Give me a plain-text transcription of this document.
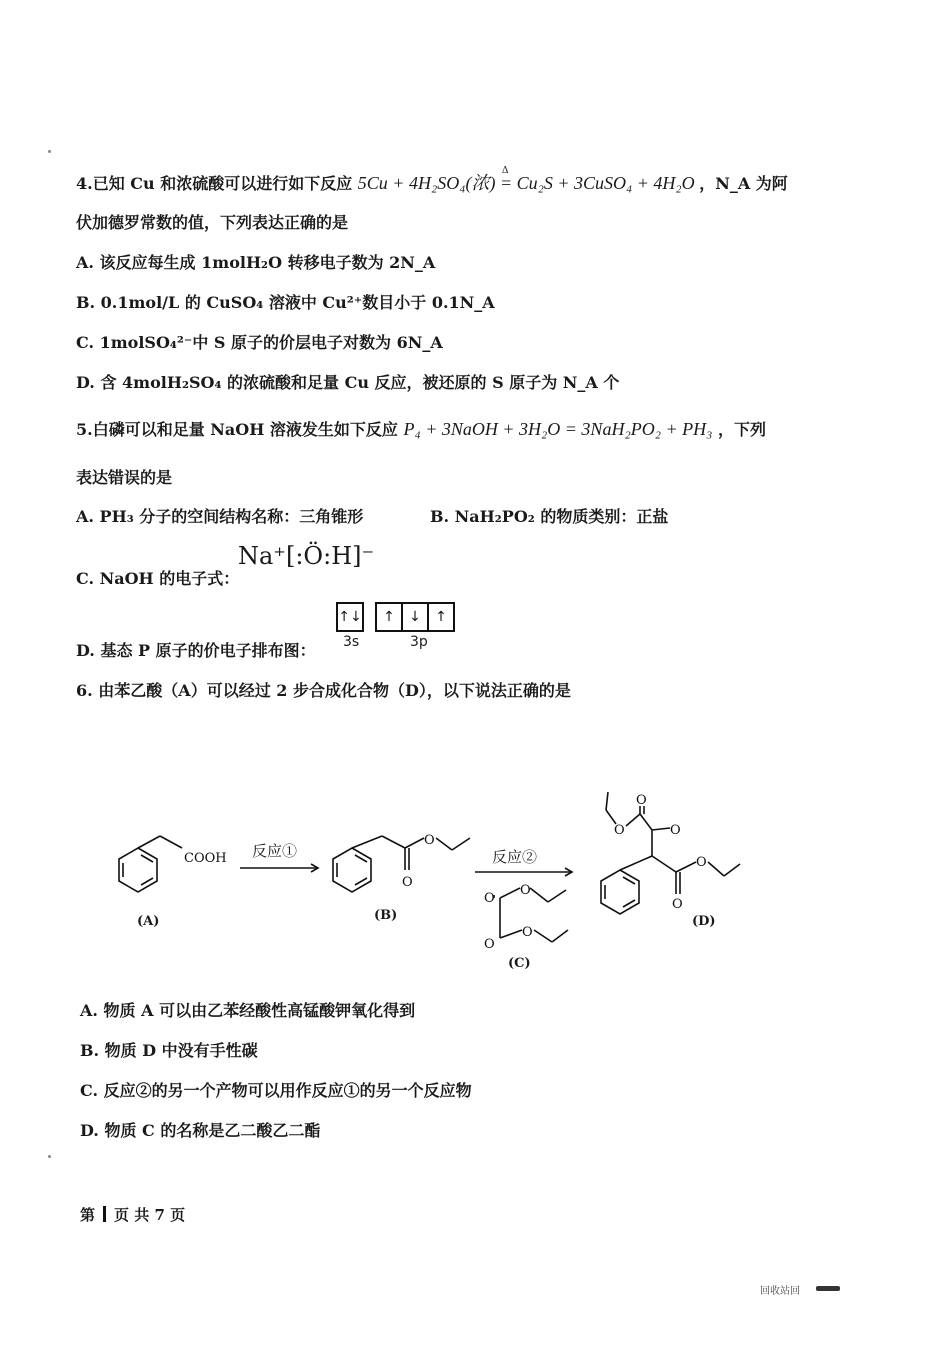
4.已知 Cu 和浓硫酸可以进行如下反应 5Cu + 4H₂SO₄(浓)
Δ
= Cu₂S + 3CuSO₄ + 4H₂O ，N_A 为阿
伏加德罗常数的值，下列表达正确的是
A. 该反应每生成 1molH₂O 转移电子数为 2N_A
B. 0.1mol/L 的 CuSO₄ 溶液中 Cu²⁺数目小于 0.1N_A
C. 1molSO₄²⁻中 S 原子的价层电子对数为 6N_A
D. 含 4molH₂SO₄ 的浓硫酸和足量 Cu 反应，被还原的 S 原子为 N_A 个
5.白磷可以和足量 NaOH 溶液发生如下反应 P₄ + 3NaOH + 3H₂O = 3NaH₂PO₂ + PH₃ ，下列
表达错误的是
A. PH₃ 分子的空间结构名称：三角锥形	B. NaH₂PO₂ 的物质类别：正盐
C. NaOH 的电子式：
Na⁺[:Ö:H]⁻
D. 基态 P 原子的价电子排布图：
↑↓	↑	↓	↑
3s	3p
6. 由苯乙酸（A）可以经过 2 步合成化合物（D），以下说法正确的是
COOH 反应①
O
O
反应②
O
O
O
O
O
O	O
O
O
(A)	(B)
(C)
(D)
A. 物质 A 可以由乙苯经酸性高锰酸钾氧化得到
B. 物质 D 中没有手性碳
C. 反应②的另一个产物可以用作反应①的另一个反应物
D. 物质 C 的名称是乙二酸乙二酯
第 页 共 7 页
回收站回
